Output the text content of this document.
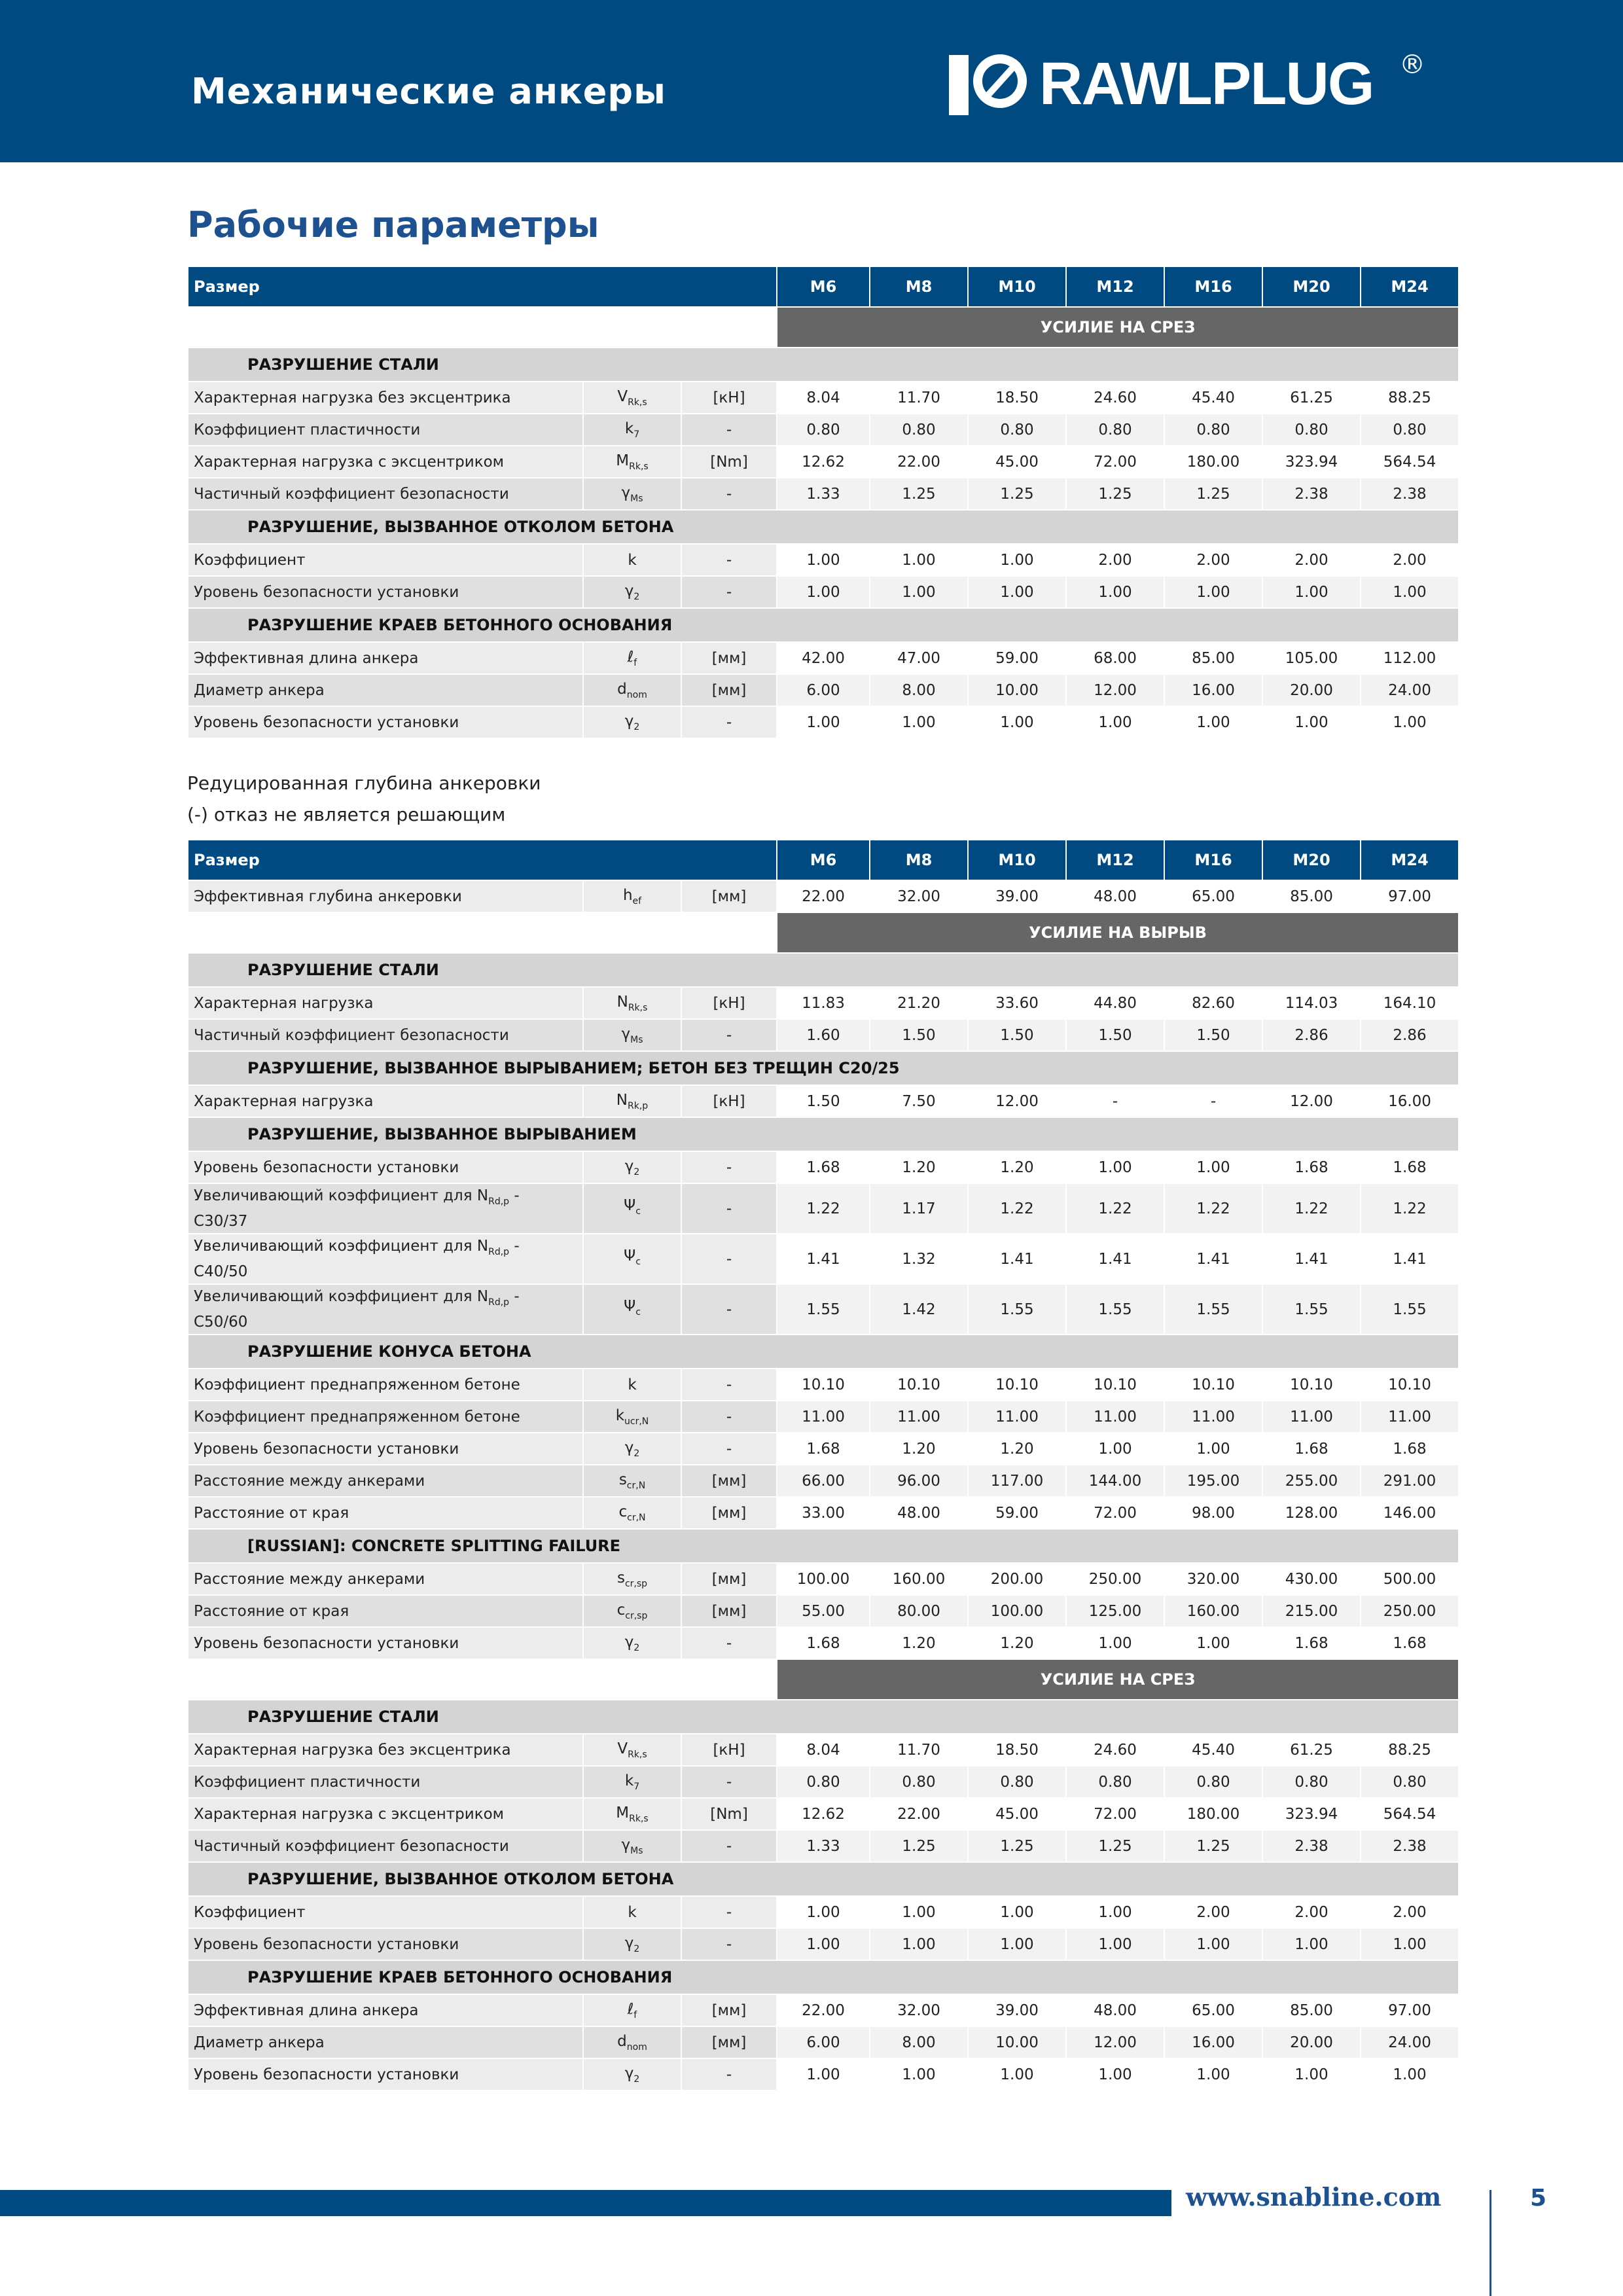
Механические анкеры	RAWLPLUG ®
Рабочие параметры
Размер			M6	M8	M10	M12	M16	M20	M24
			УСИЛИЕ НА СРЕЗ						
РАЗРУШЕНИЕ СТАЛИ									
Характерная нагрузка без эксцентрика	$V_{Rk,s}$	[кН]	8.04	11.70	18.50	24.60	45.40	61.25	88.25
Коэффициент пластичности	$k_7$	-	0.80	0.80	0.80	0.80	0.80	0.80	0.80
Характерная нагрузка с эксцентриком	$M_{Rk,s}$	[Nm]	12.62	22.00	45.00	72.00	180.00	323.94	564.54
Частичный коэффициент безопасности	$\gamma_{Ms}$	-	1.33	1.25	1.25	1.25	1.25	2.38	2.38
РАЗРУШЕНИЕ, ВЫЗВАННОЕ ОТКОЛОМ БЕТОНА									
Коэффициент	k	-	1.00	1.00	1.00	2.00	2.00	2.00	2.00
Уровень безопасности установки	$\gamma_2$	-	1.00	1.00	1.00	1.00	1.00	1.00	1.00
РАЗРУШЕНИЕ КРАЕВ БЕТОННОГО ОСНОВАНИЯ									
Эффективная длина анкера	ℓ$_f$	[мм]	42.00	47.00	59.00	68.00	85.00	105.00	112.00
Диаметр анкера	$d_{nom}$	[мм]	6.00	8.00	10.00	12.00	16.00	20.00	24.00
Уровень безопасности установки	$\gamma_2$	-	1.00	1.00	1.00	1.00	1.00	1.00	1.00
Редуцированная глубина анкеровки
(-) отказ не является решающим
Размер			M6	M8	M10	M12	M16	M20	M24
Эффективная глубина анкеровки	$h_{ef}$	[мм]	22.00	32.00	39.00	48.00	65.00	85.00	97.00
			УСИЛИЕ НА ВЫРЫВ						
РАЗРУШЕНИЕ СТАЛИ									
Характерная нагрузка	$N_{Rk,s}$	[кН]	11.83	21.20	33.60	44.80	82.60	114.03	164.10
Частичный коэффициент безопасности	$\gamma_{Ms}$	-	1.60	1.50	1.50	1.50	1.50	2.86	2.86
РАЗРУШЕНИЕ, ВЫЗВАННОЕ ВЫРЫВАНИЕМ; БЕТОН БЕЗ ТРЕЩИН C20/25									
Характерная нагрузка	$N_{Rk,p}$	[кН]	1.50	7.50	12.00	-	-	12.00	16.00
РАЗРУШЕНИЕ, ВЫЗВАННОЕ ВЫРЫВАНИЕМ									
Уровень безопасности установки	$\gamma_2$	-	1.68	1.20	1.20	1.00	1.00	1.68	1.68
Увеличивающий коэффициент для $N_{Rd,p} - C30/37$	$\Psi_c$	-	1.22	1.17	1.22	1.22	1.22	1.22	1.22
Увеличивающий коэффициент для $N_{Rd,p} - C40/50$	$\Psi_c$	-	1.41	1.32	1.41	1.41	1.41	1.41	1.41
Увеличивающий коэффициент для $N_{Rd,p} - C50/60$	$\Psi_c$	-	1.55	1.42	1.55	1.55	1.55	1.55	1.55
РАЗРУШЕНИЕ КОНУСА БЕТОНА									
Коэффициент преднапряженном бетоне	k	-	10.10	10.10	10.10	10.10	10.10	10.10	10.10
Коэффициент преднапряженном бетоне	$k_{ucr,N}$	-	11.00	11.00	11.00	11.00	11.00	11.00	11.00
Уровень безопасности установки	$\gamma_2$	-	1.68	1.20	1.20	1.00	1.00	1.68	1.68
Расстояние между анкерами	$s_{cr,N}$	[мм]	66.00	96.00	117.00	144.00	195.00	255.00	291.00
Расстояние от края	$c_{cr,N}$	[мм]	33.00	48.00	59.00	72.00	98.00	128.00	146.00
[RUSSIAN]: CONCRETE SPLITTING FAILURE									
Расстояние между анкерами	$s_{cr,sp}$	[мм]	100.00	160.00	200.00	250.00	320.00	430.00	500.00
Расстояние от края	$c_{cr,sp}$	[мм]	55.00	80.00	100.00	125.00	160.00	215.00	250.00
Уровень безопасности установки	$\gamma_2$	-	1.68	1.20	1.20	1.00	1.00	1.68	1.68
			УСИЛИЕ НА СРЕЗ						
РАЗРУШЕНИЕ СТАЛИ									
Характерная нагрузка без эксцентрика	$V_{Rk,s}$	[кН]	8.04	11.70	18.50	24.60	45.40	61.25	88.25
Коэффициент пластичности	$k_7$	-	0.80	0.80	0.80	0.80	0.80	0.80	0.80
Характерная нагрузка с эксцентриком	$M_{Rk,s}$	[Nm]	12.62	22.00	45.00	72.00	180.00	323.94	564.54
Частичный коэффициент безопасности	$\gamma_{Ms}$	-	1.33	1.25	1.25	1.25	1.25	2.38	2.38
РАЗРУШЕНИЕ, ВЫЗВАННОЕ ОТКОЛОМ БЕТОНА									
Коэффициент	k	-	1.00	1.00	1.00	1.00	2.00	2.00	2.00
Уровень безопасности установки	$\gamma_2$	-	1.00	1.00	1.00	1.00	1.00	1.00	1.00
РАЗРУШЕНИЕ КРАЕВ БЕТОННОГО ОСНОВАНИЯ									
Эффективная длина анкера	ℓ$_f$	[мм]	22.00	32.00	39.00	48.00	65.00	85.00	97.00
Диаметр анкера	$d_{nom}$	[мм]	6.00	8.00	10.00	12.00	16.00	20.00	24.00
Уровень безопасности установки	$\gamma_2$	-	1.00	1.00	1.00	1.00	1.00	1.00	1.00
www.snabline.com	5
